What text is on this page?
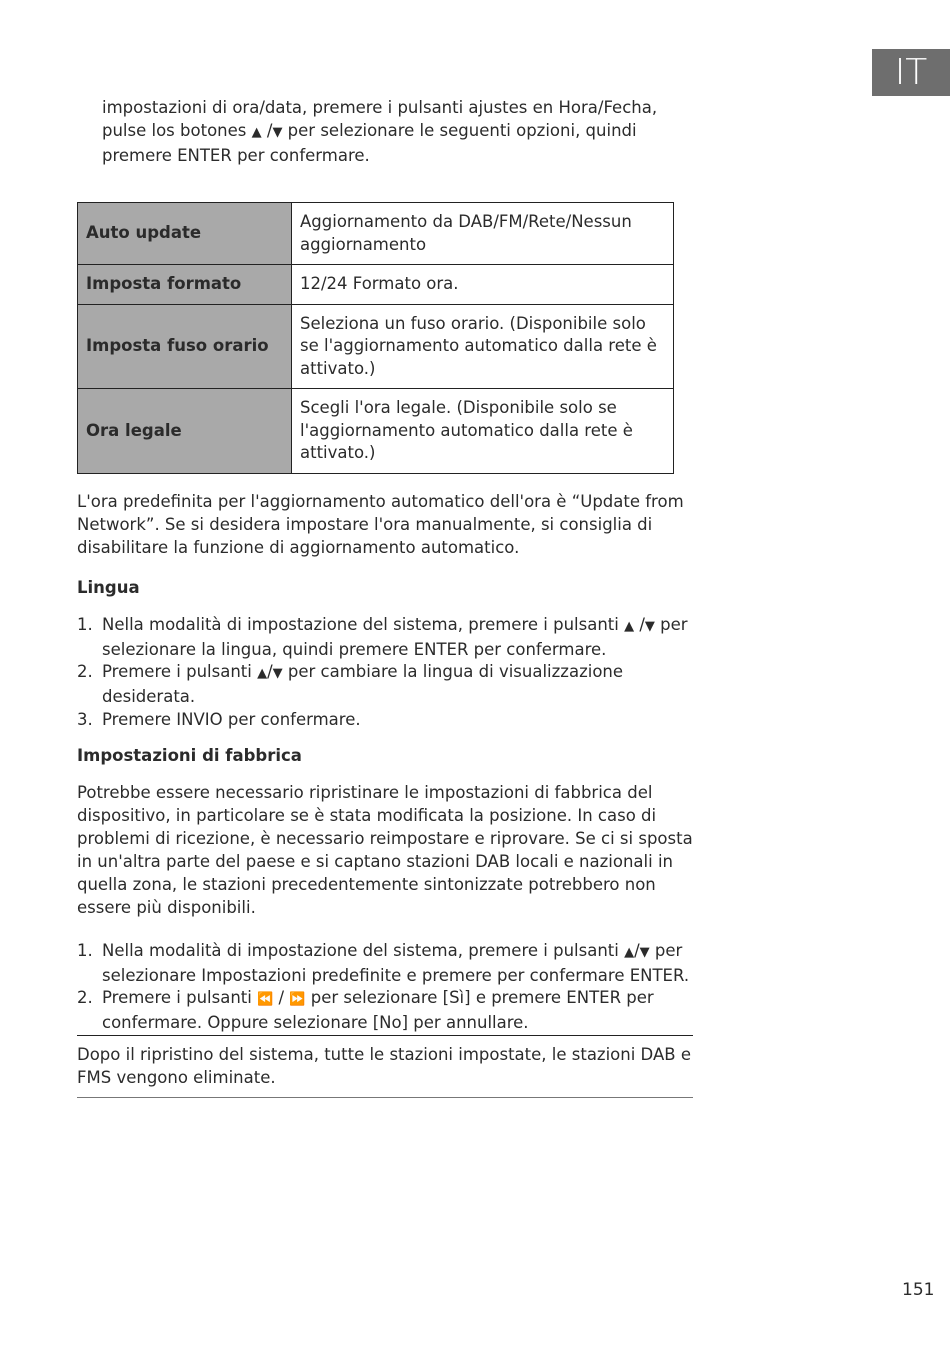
IT

impostazioni di ora/data, premere i pulsanti ajustes en Hora/Fecha,
pulse los botones ▲ /▼ per selezionare le seguenti opzioni, quindi
premere ENTER per confermare.

Auto update	Aggiornamento da DAB/FM/Rete/Nessun aggiornamento
Imposta formato	12/24 Formato ora.
Imposta fuso orario	Seleziona un fuso orario. (Disponibile solo se l'aggiornamento automatico dalla rete è attivato.)
Ora legale	Scegli l'ora legale. (Disponibile solo se l'aggiornamento automatico dalla rete è attivato.)

L'ora predefinita per l'aggiornamento automatico dell'ora è “Update from Network”. Se si desidera impostare l'ora manualmente, si consiglia di disabilitare la funzione di aggiornamento automatico.

Lingua
1. Nella modalità di impostazione del sistema, premere i pulsanti ▲ /▼ per selezionare la lingua, quindi premere ENTER per confermare.
2. Premere i pulsanti ▲/▼ per cambiare la lingua di visualizzazione desiderata.
3. Premere INVIO per confermare.
Impostazioni di fabbrica

Potrebbe essere necessario ripristinare le impostazioni di fabbrica del dispositivo, in particolare se è stata modificata la posizione. In caso di problemi di ricezione, è necessario reimpostare e riprovare. Se ci si sposta in un'altra parte del paese e si captano stazioni DAB locali e nazionali in quella zona, le stazioni precedentemente sintonizzate potrebbero non essere più disponibili.

1. Nella modalità di impostazione del sistema, premere i pulsanti ▲/▼ per selezionare Impostazioni predefinite e premere per confermare ENTER.
2. Premere i pulsanti ⏪ / ⏩ per selezionare [Sì] e premere ENTER per confermare. Oppure selezionare [No] per annullare.

Dopo il ripristino del sistema, tutte le stazioni impostate, le stazioni DAB e FMS vengono eliminate.

151
